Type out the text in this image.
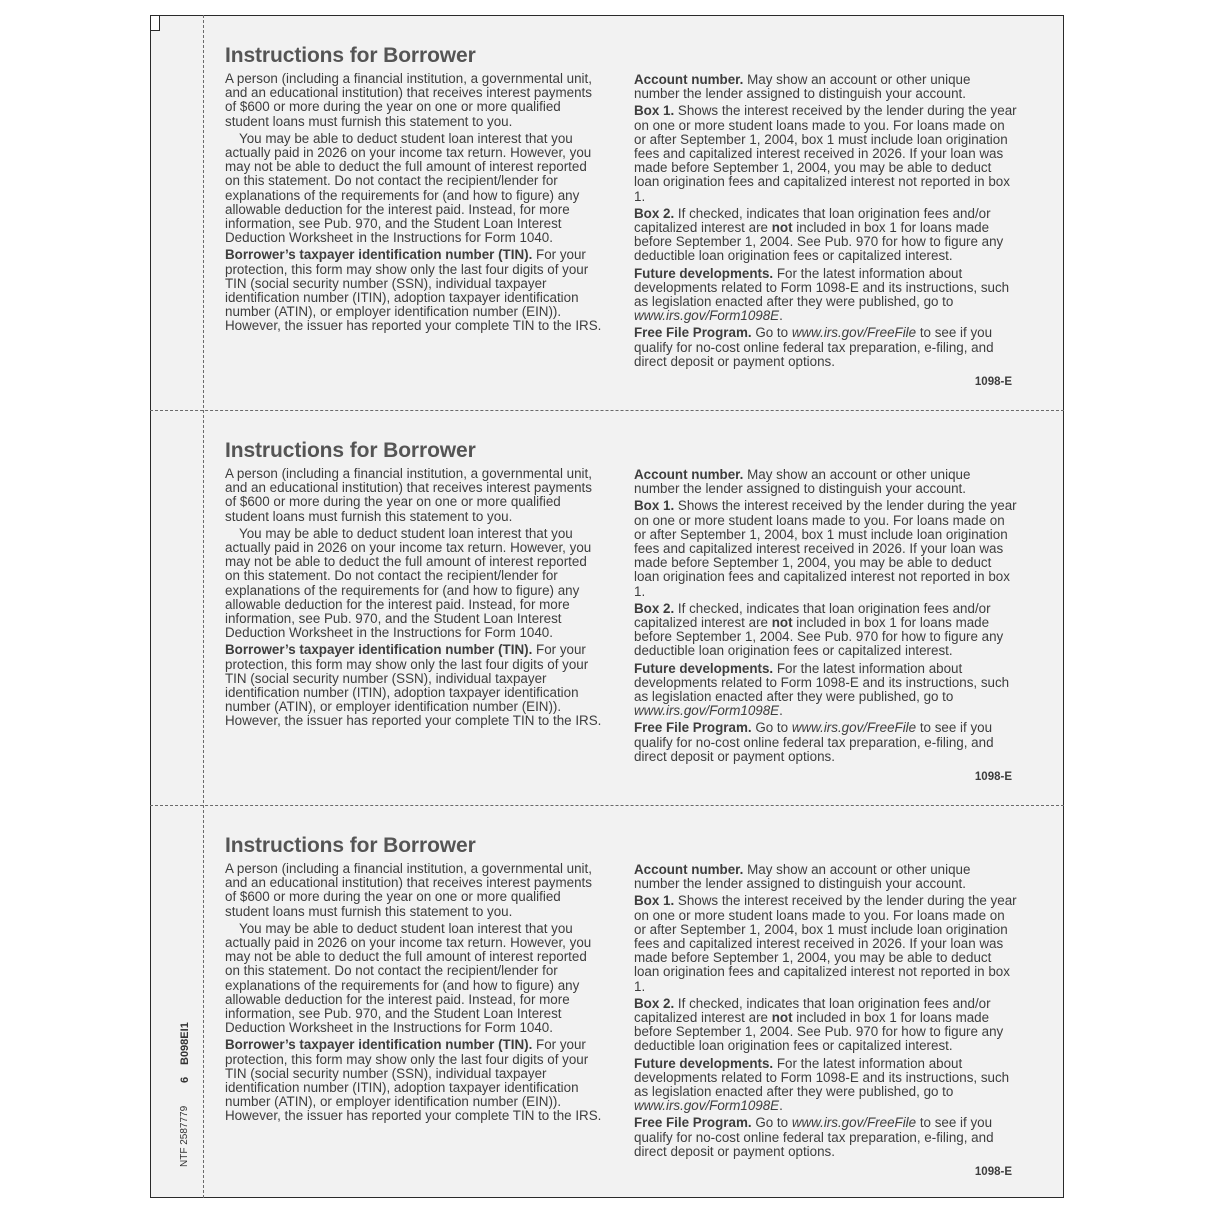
Instructions for Borrower

A person (including a financial institution, a governmental unit, and an educational institution) that receives interest payments of $600 or more during the year on one or more qualified student loans must furnish this statement to you.

You may be able to deduct student loan interest that you actually paid in 2026 on your income tax return. However, you may not be able to deduct the full amount of interest reported on this statement. Do not contact the recipient/lender for explanations of the requirements for (and how to figure) any allowable deduction for the interest paid. Instead, for more information, see Pub. 970, and the Student Loan Interest Deduction Worksheet in the Instructions for Form 1040.

Borrower’s taxpayer identification number (TIN). For your protection, this form may show only the last four digits of your TIN (social security number (SSN), individual taxpayer identification number (ITIN), adoption taxpayer identification number (ATIN), or employer identification number (EIN)). However, the issuer has reported your complete TIN to the IRS.

Account number. May show an account or other unique number the lender assigned to distinguish your account.

Box 1. Shows the interest received by the lender during the year on one or more student loans made to you. For loans made on or after September 1, 2004, box 1 must include loan origination fees and capitalized interest received in 2026. If your loan was made before September 1, 2004, you may be able to deduct loan origination fees and capitalized interest not reported in box 1.

Box 2. If checked, indicates that loan origination fees and/or capitalized interest are not included in box 1 for loans made before September 1, 2004. See Pub. 970 for how to figure any deductible loan origination fees or capitalized interest.

Future developments. For the latest information about developments related to Form 1098-E and its instructions, such as legislation enacted after they were published, go to www.irs.gov/Form1098E.

Free File Program. Go to www.irs.gov/FreeFile to see if you qualify for no-cost online federal tax preparation, e-filing, and direct deposit or payment options.

1098-E
Instructions for Borrower

A person (including a financial institution, a governmental unit, and an educational institution) that receives interest payments of $600 or more during the year on one or more qualified student loans must furnish this statement to you.

You may be able to deduct student loan interest that you actually paid in 2026 on your income tax return. However, you may not be able to deduct the full amount of interest reported on this statement. Do not contact the recipient/lender for explanations of the requirements for (and how to figure) any allowable deduction for the interest paid. Instead, for more information, see Pub. 970, and the Student Loan Interest Deduction Worksheet in the Instructions for Form 1040.

Borrower’s taxpayer identification number (TIN). For your protection, this form may show only the last four digits of your TIN (social security number (SSN), individual taxpayer identification number (ITIN), adoption taxpayer identification number (ATIN), or employer identification number (EIN)). However, the issuer has reported your complete TIN to the IRS.

Account number. May show an account or other unique number the lender assigned to distinguish your account.

Box 1. Shows the interest received by the lender during the year on one or more student loans made to you. For loans made on or after September 1, 2004, box 1 must include loan origination fees and capitalized interest received in 2026. If your loan was made before September 1, 2004, you may be able to deduct loan origination fees and capitalized interest not reported in box 1.

Box 2. If checked, indicates that loan origination fees and/or capitalized interest are not included in box 1 for loans made before September 1, 2004. See Pub. 970 for how to figure any deductible loan origination fees or capitalized interest.

Future developments. For the latest information about developments related to Form 1098-E and its instructions, such as legislation enacted after they were published, go to www.irs.gov/Form1098E.

Free File Program. Go to www.irs.gov/FreeFile to see if you qualify for no-cost online federal tax preparation, e-filing, and direct deposit or payment options.

1098-E
Instructions for Borrower

A person (including a financial institution, a governmental unit, and an educational institution) that receives interest payments of $600 or more during the year on one or more qualified student loans must furnish this statement to you.

You may be able to deduct student loan interest that you actually paid in 2026 on your income tax return. However, you may not be able to deduct the full amount of interest reported on this statement. Do not contact the recipient/lender for explanations of the requirements for (and how to figure) any allowable deduction for the interest paid. Instead, for more information, see Pub. 970, and the Student Loan Interest Deduction Worksheet in the Instructions for Form 1040.

Borrower’s taxpayer identification number (TIN). For your protection, this form may show only the last four digits of your TIN (social security number (SSN), individual taxpayer identification number (ITIN), adoption taxpayer identification number (ATIN), or employer identification number (EIN)). However, the issuer has reported your complete TIN to the IRS.

Account number. May show an account or other unique number the lender assigned to distinguish your account.

Box 1. Shows the interest received by the lender during the year on one or more student loans made to you. For loans made on or after September 1, 2004, box 1 must include loan origination fees and capitalized interest received in 2026. If your loan was made before September 1, 2004, you may be able to deduct loan origination fees and capitalized interest not reported in box 1.

Box 2. If checked, indicates that loan origination fees and/or capitalized interest are not included in box 1 for loans made before September 1, 2004. See Pub. 970 for how to figure any deductible loan origination fees or capitalized interest.

Future developments. For the latest information about developments related to Form 1098-E and its instructions, such as legislation enacted after they were published, go to www.irs.gov/Form1098E.

Free File Program. Go to www.irs.gov/FreeFile to see if you qualify for no-cost online federal tax preparation, e-filing, and direct deposit or payment options.

1098-E
NTF 2587779
6
B098EI1
